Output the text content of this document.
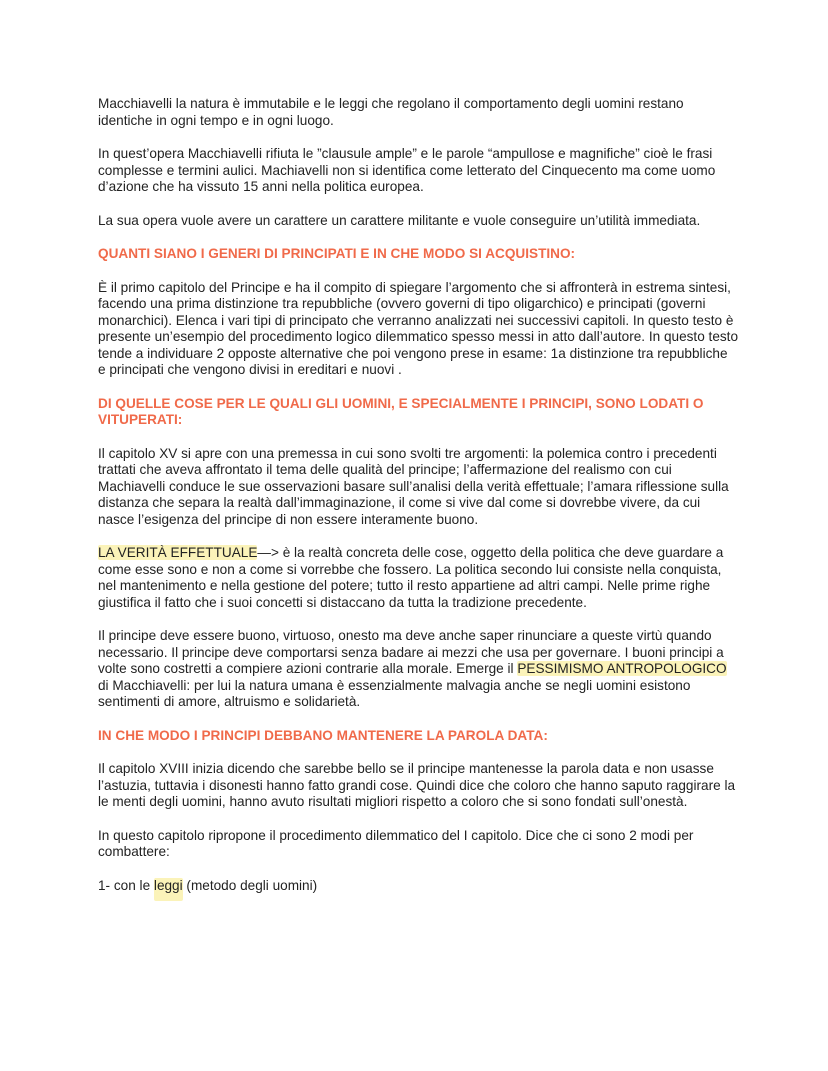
Macchiavelli la natura è immutabile e le leggi che regolano il comportamento degli uomini restano identiche in ogni tempo e in ogni luogo.

In quest’opera Macchiavelli rifiuta le ”clausule ample” e le parole “ampullose e magnifiche” cioè le frasi complesse e termini aulici. Machiavelli non si identifica come letterato del Cinquecento ma come uomo d’azione che ha vissuto 15 anni nella politica europea.

La sua opera vuole avere un carattere un carattere militante e vuole conseguire un’utilità immediata.

QUANTI SIANO I GENERI DI PRINCIPATI E IN CHE MODO SI ACQUISTINO:

È il primo capitolo del Principe e ha il compito di spiegare l’argomento che si affronterà in estrema sintesi, facendo una prima distinzione tra repubbliche (ovvero governi di tipo oligarchico) e principati (governi monarchici). Elenca i vari tipi di principato che verranno analizzati nei successivi capitoli. In questo testo è presente un’esempio del procedimento logico dilemmatico spesso messi in atto dall’autore. In questo testo tende a individuare 2 opposte alternative che poi vengono prese in esame: 1a distinzione tra repubbliche e principati che vengono divisi in ereditari e nuovi .

DI QUELLE COSE PER LE QUALI GLI UOMINI, E SPECIALMENTE I PRINCIPI, SONO LODATI O VITUPERATI:

Il capitolo XV si apre con una premessa in cui sono svolti tre argomenti: la polemica contro i precedenti trattati che aveva affrontato il tema delle qualità del principe; l’affermazione del realismo con cui Machiavelli conduce le sue osservazioni basare sull’analisi della verità effettuale; l’amara riflessione sulla distanza che separa la realtà dall’immaginazione, il come si vive dal come si dovrebbe vivere, da cui nasce l’esigenza del principe di non essere interamente buono.

LA VERITÀ EFFETTUALE—> è la realtà concreta delle cose, oggetto della politica che deve guardare a come esse sono e non a come si vorrebbe che fossero. La politica secondo lui consiste nella conquista, nel mantenimento e nella gestione del potere; tutto il resto appartiene ad altri campi. Nelle prime righe giustifica il fatto che i suoi concetti si distaccano da tutta la tradizione precedente.

Il principe deve essere buono, virtuoso, onesto ma deve anche saper rinunciare a queste virtù quando necessario. Il principe deve comportarsi senza badare ai mezzi che usa per governare. I buoni principi a volte sono costretti a compiere azioni contrarie alla morale. Emerge il PESSIMISMO ANTROPOLOGICO di Macchiavelli: per lui la natura umana è essenzialmente malvagia anche se negli uomini esistono sentimenti di amore, altruismo e solidarietà.

IN CHE MODO I PRINCIPI DEBBANO MANTENERE LA PAROLA DATA:

Il capitolo XVIII inizia dicendo che sarebbe bello se il principe mantenesse la parola data e non usasse l’astuzia, tuttavia i disonesti hanno fatto grandi cose. Quindi dice che coloro che hanno saputo raggirare la le menti degli uomini, hanno avuto risultati migliori rispetto a coloro che si sono fondati sull’onestà.

In questo capitolo ripropone il procedimento dilemmatico del I capitolo. Dice che ci sono 2 modi per combattere:

1- con le leggi (metodo degli uomini)
